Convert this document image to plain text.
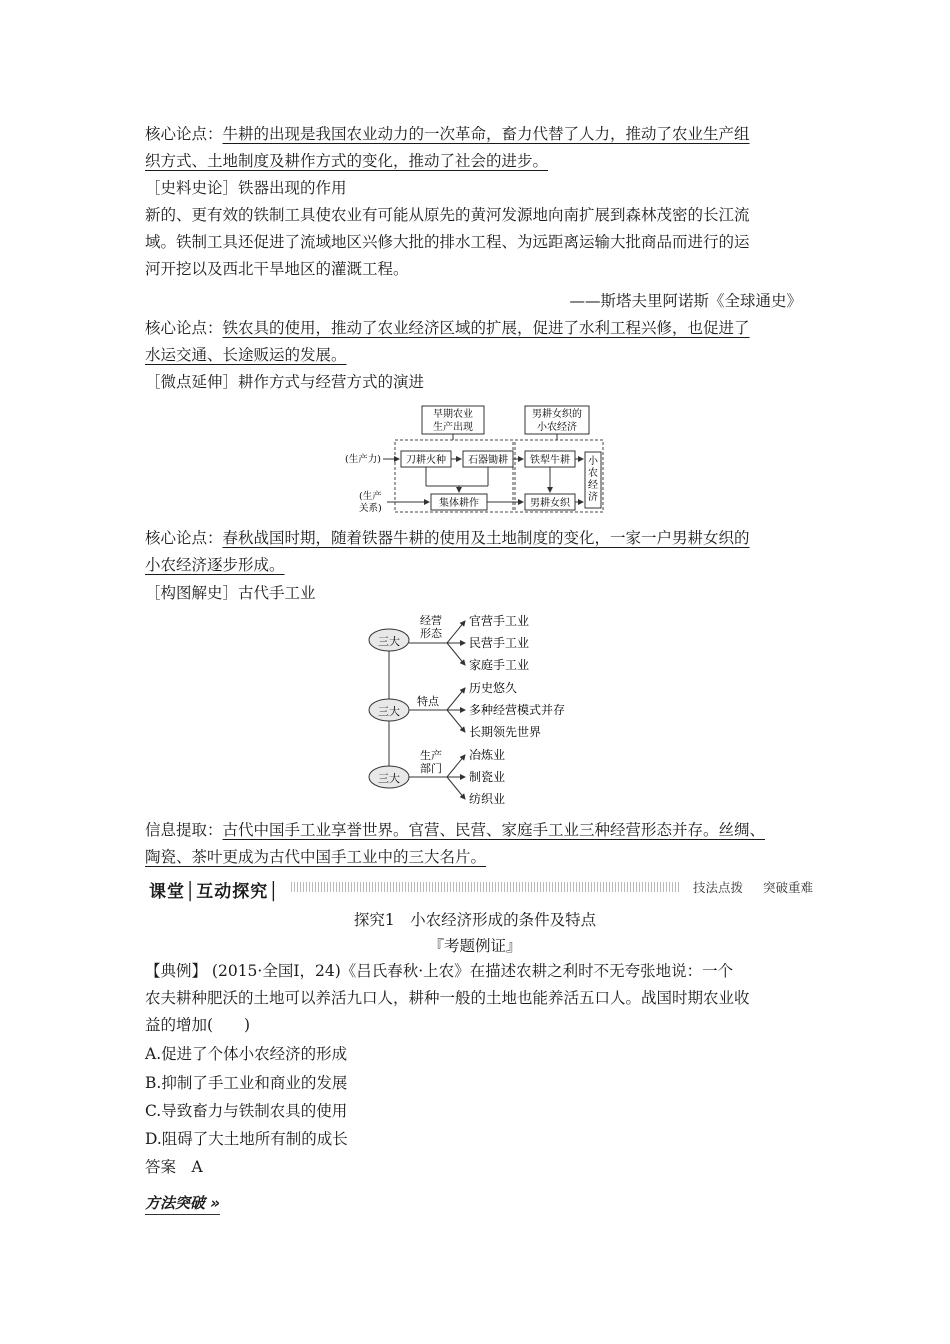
核心论点：牛耕的出现是我国农业动力的一次革命，畜力代替了人力，推动了农业生产组
织方式、土地制度及耕作方式的变化，推动了社会的进步。
［史料史论］铁器出现的作用
新的、更有效的铁制工具使农业有可能从原先的黄河发源地向南扩展到森林茂密的长江流
域。铁制工具还促进了流域地区兴修大批的排水工程、为远距离运输大批商品而进行的运
河开挖以及西北干旱地区的灌溉工程。
——斯塔夫里阿诺斯《全球通史》
核心论点：铁农具的使用，推动了农业经济区域的扩展，促进了水利工程兴修，也促进了
水运交通、长途贩运的发展。
［微点延伸］耕作方式与经营方式的演进
早期农业
生产出现
男耕女织的
小农经济
(生产力)
(生产
关系)
刀耕火种 石器锄耕 铁犁牛耕
集体耕作	男耕女织
小
农
经
济
核心论点：春秋战国时期，随着铁器牛耕的使用及土地制度的变化，一家一户男耕女织的
小农经济逐步形成。
［构图解史］古代手工业
三大
经营
形态
官营手工业
民营手工业
家庭手工业
三大
特点
历史悠久
多种经营模式并存
长期领先世界
三大
生产
部门
冶炼业
制瓷业
纺织业
信息提取：古代中国手工业享誉世界。官营、民营、家庭手工业三种经营形态并存。丝绸、
陶瓷、茶叶更成为古代中国手工业中的三大名片。
课堂│互动探究│	技法点拨 突破重难
探究1　小农经济形成的条件及特点
『考题例证』
【典例】 (2015·全国Ⅰ，24)《吕氏春秋·上农》在描述农耕之利时不无夸张地说：一个
农夫耕种肥沃的土地可以养活九口人，耕种一般的土地也能养活五口人。战国时期农业收
益的增加(　　)
A.促进了个体小农经济的形成
B.抑制了手工业和商业的发展
C.导致畜力与铁制农具的使用
D.阻碍了大土地所有制的成长
答案　A
方法突破 »
